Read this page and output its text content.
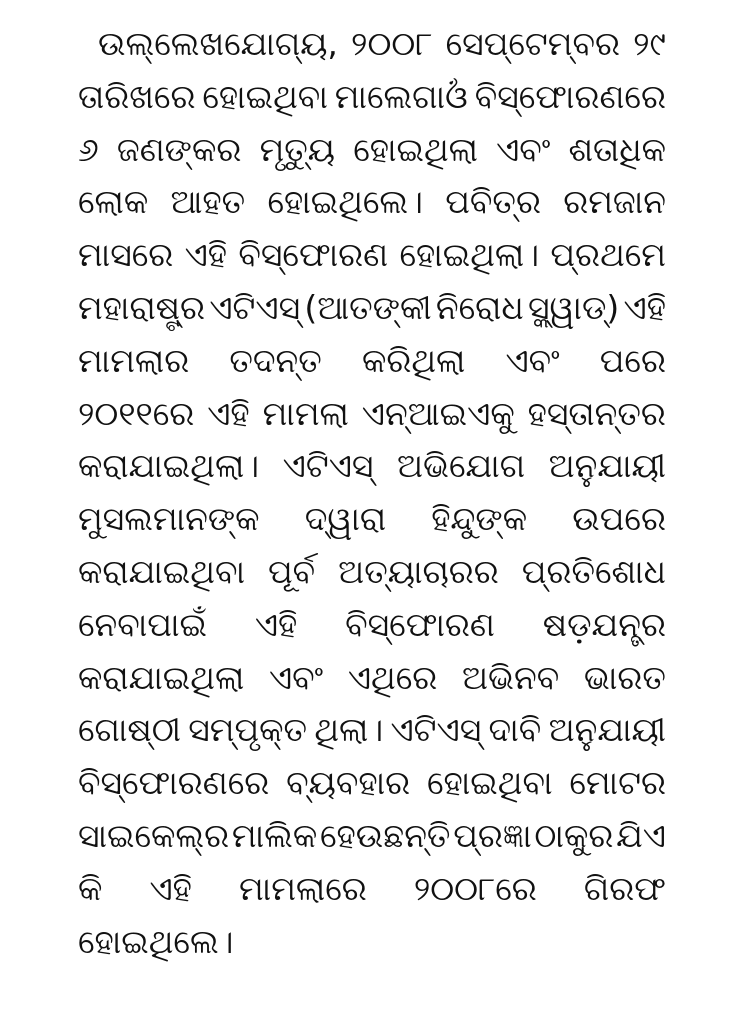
ଉଲ୍ଲେଖଯୋଗ୍ୟ, ୨୦୦୮ ସେପ୍ଟେମ୍ବର ୨୯
ତାରିଖରେ ହୋଇଥିବା ମାଲେଗାଓଁ ବିସ୍ଫୋରଣରେ
୬ ଜଣଙ୍କର ମୃତ୍ୟୁ ହୋଇଥିଲା ଏବଂ ଶତାଧିକ
ଲୋକ ଆହତ ହୋଇଥିଲେ। ପବିତ୍ର ରମଜାନ
ମାସରେ ଏହି ବିସ୍ଫୋରଣ ହୋଇଥିଲା। ପ୍ରଥମେ
ମହାରାଷ୍ଟ୍ର ଏଟିଏସ୍ (ଆତଙ୍କୀ ନିରୋଧ ସ୍କ୍ୱାଡ୍) ଏହି
ମାମଲାର ତଦନ୍ତ କରିଥିଲା ଏବଂ ପରେ
୨୦୧୧ରେ ଏହି ମାମଲା ଏନ୍‌ଆଇଏକୁ ହସ୍ତାନ୍ତର
କରାଯାଇଥିଲା। ଏଟିଏସ୍ ଅଭିଯୋଗ ଅନୁଯାୟୀ
ମୁସଲମାନଙ୍କ ଦ୍ୱାରା ହିନ୍ଦୁଙ୍କ ଉପରେ
କରାଯାଇଥିବା ପୂର୍ବ ଅତ୍ୟାଚାରର ପ୍ରତିଶୋଧ
ନେବାପାଇଁ ଏହି ବିସ୍ଫୋରଣ ଷଡ଼ଯନ୍ତ୍ର
କରାଯାଇଥିଲା ଏବଂ ଏଥିରେ ଅଭିନବ ଭାରତ
ଗୋଷ୍ଠୀ ସମ୍ପୃକ୍ତ ଥିଲା। ଏଟିଏସ୍ ଦାବି ଅନୁଯାୟୀ
ବିସ୍ଫୋରଣରେ ବ୍ୟବହାର ହୋଇଥିବା ମୋଟର
ସାଇକେଲ୍‌ର ମାଲିକ ହେଉଛନ୍ତି ପ୍ରଜ୍ଞା ଠାକୁର ଯିଏ
କି ଏହି ମାମଲାରେ ୨୦୦୮ରେ ଗିରଫ
ହୋଇଥିଲେ।
